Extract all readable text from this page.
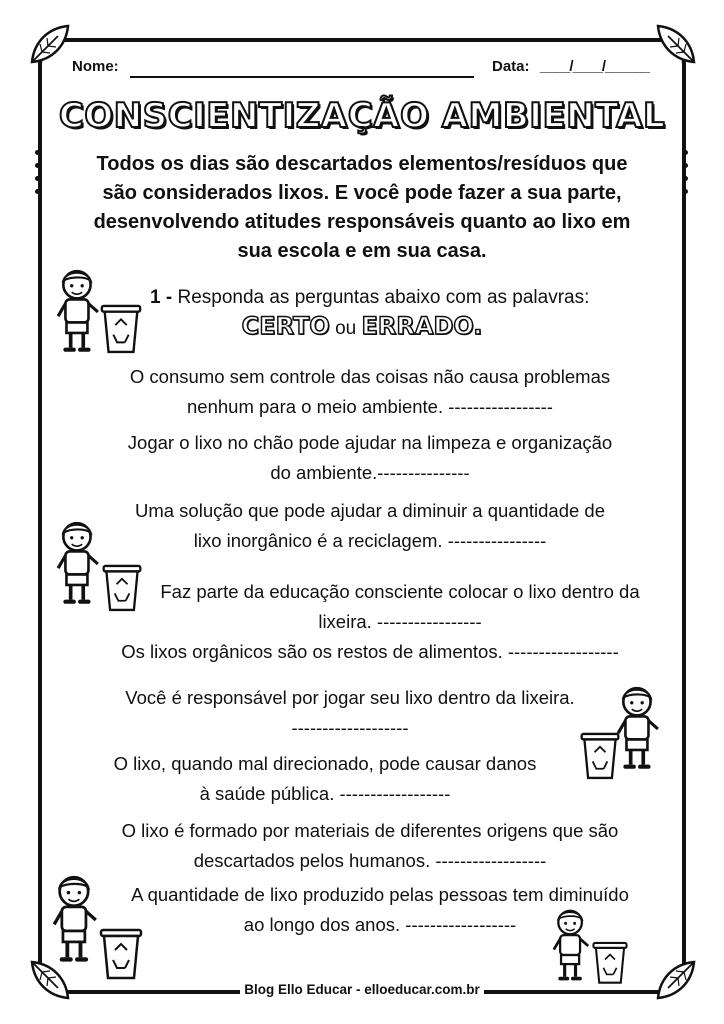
Nome:	Data: ____/____/______
CONSCIENTIZAÇÃO AMBIENTAL
Todos os dias são descartados elementos/resíduos que
são considerados lixos. E você pode fazer a sua parte,
desenvolvendo atitudes responsáveis quanto ao lixo em
sua escola e em sua casa.
1 - Responda as perguntas abaixo com as palavras:
CERTO ou ERRADO.
O consumo sem controle das coisas não causa problemas
nenhum para o meio ambiente. -----------------
Jogar o lixo no chão pode ajudar na limpeza e organização
do ambiente.---------------
Uma solução que pode ajudar a diminuir a quantidade de
lixo inorgânico é a reciclagem. ----------------
Faz parte da educação consciente colocar o lixo dentro da
lixeira. -----------------
Os lixos orgânicos são os restos de alimentos. ------------------
Você é responsável por jogar seu lixo dentro da lixeira.
-------------------
O lixo, quando mal direcionado, pode causar danos
à saúde pública. ------------------
O lixo é formado por materiais de diferentes origens que são
descartados pelos humanos. ------------------
A quantidade de lixo produzido pelas pessoas tem diminuído
ao longo dos anos. ------------------
Blog Ello Educar - elloeducar.com.br
